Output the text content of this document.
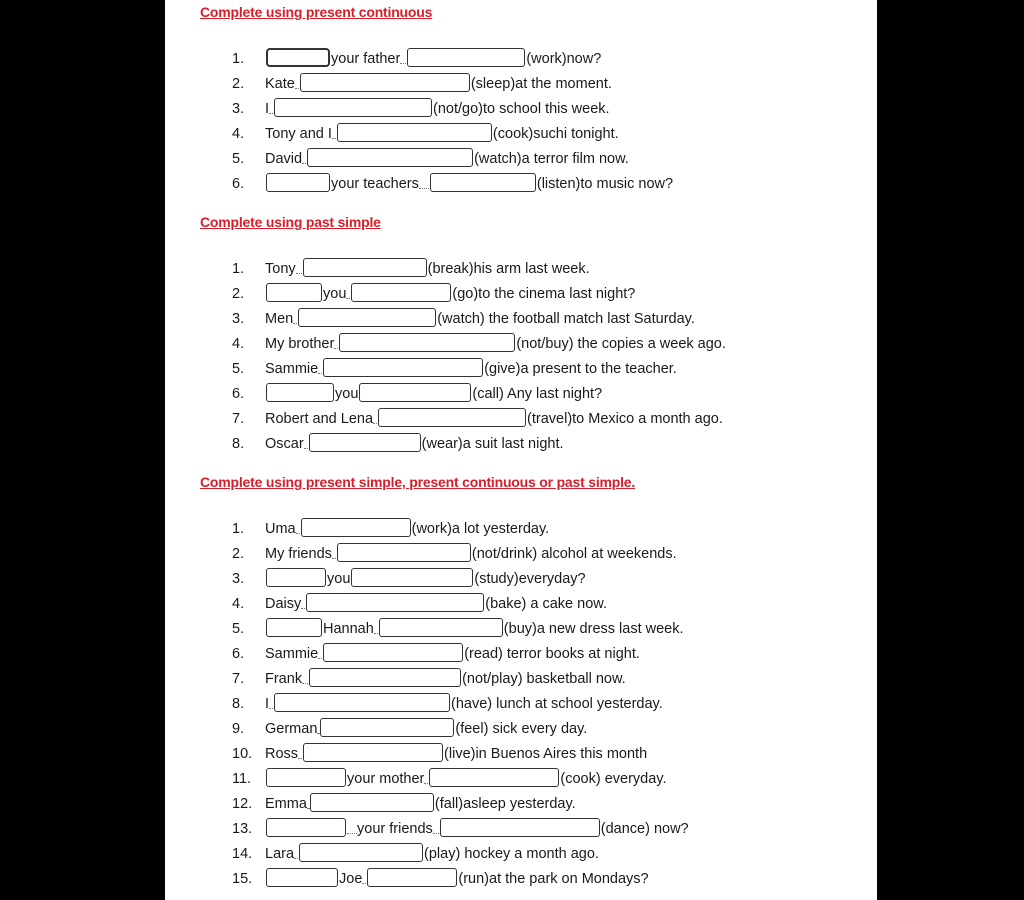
Complete using present continuous
Complete using past simple
Complete using present simple, present continuous or past simple.
1.	your father	(work)now?
2.	Kate	(sleep)at the moment.
3.	I	(not/go)to school this week.
4.	Tony and I	(cook)suchi tonight.
5.	David	(watch)a terror film now.
6.	your teachers	(listen)to music now?
1.	Tony	(break)his arm last week.
2.	you	(go)to the cinema last night?
3.	Men	(watch) the football match last Saturday.
4.	My brother	(not/buy) the copies a week ago.
5.	Sammie	(give)a present to the teacher.
6.	you	(call) Any last night?
7.	Robert and Lena	(travel)to Mexico a month ago.
8.	Oscar	(wear)a suit last night.
1.	Uma	(work)a lot yesterday.
2.	My friends	(not/drink) alcohol at weekends.
3.	you	(study)everyday?
4.	Daisy	(bake) a cake now.
5.	Hannah	(buy)a new dress last week.
6.	Sammie	(read) terror books at night.
7.	Frank	(not/play) basketball now.
8.	I	(have) lunch at school yesterday.
9.	German	(feel) sick every day.
10. Ross	(live)in Buenos Aires this month
11.	your mother	(cook) everyday.
12. Emma	(fall)asleep yesterday.
13.	your friends	(dance) now?
14. Lara	(play) hockey a month ago.
15.	Joe	(run)at the park on Mondays?
